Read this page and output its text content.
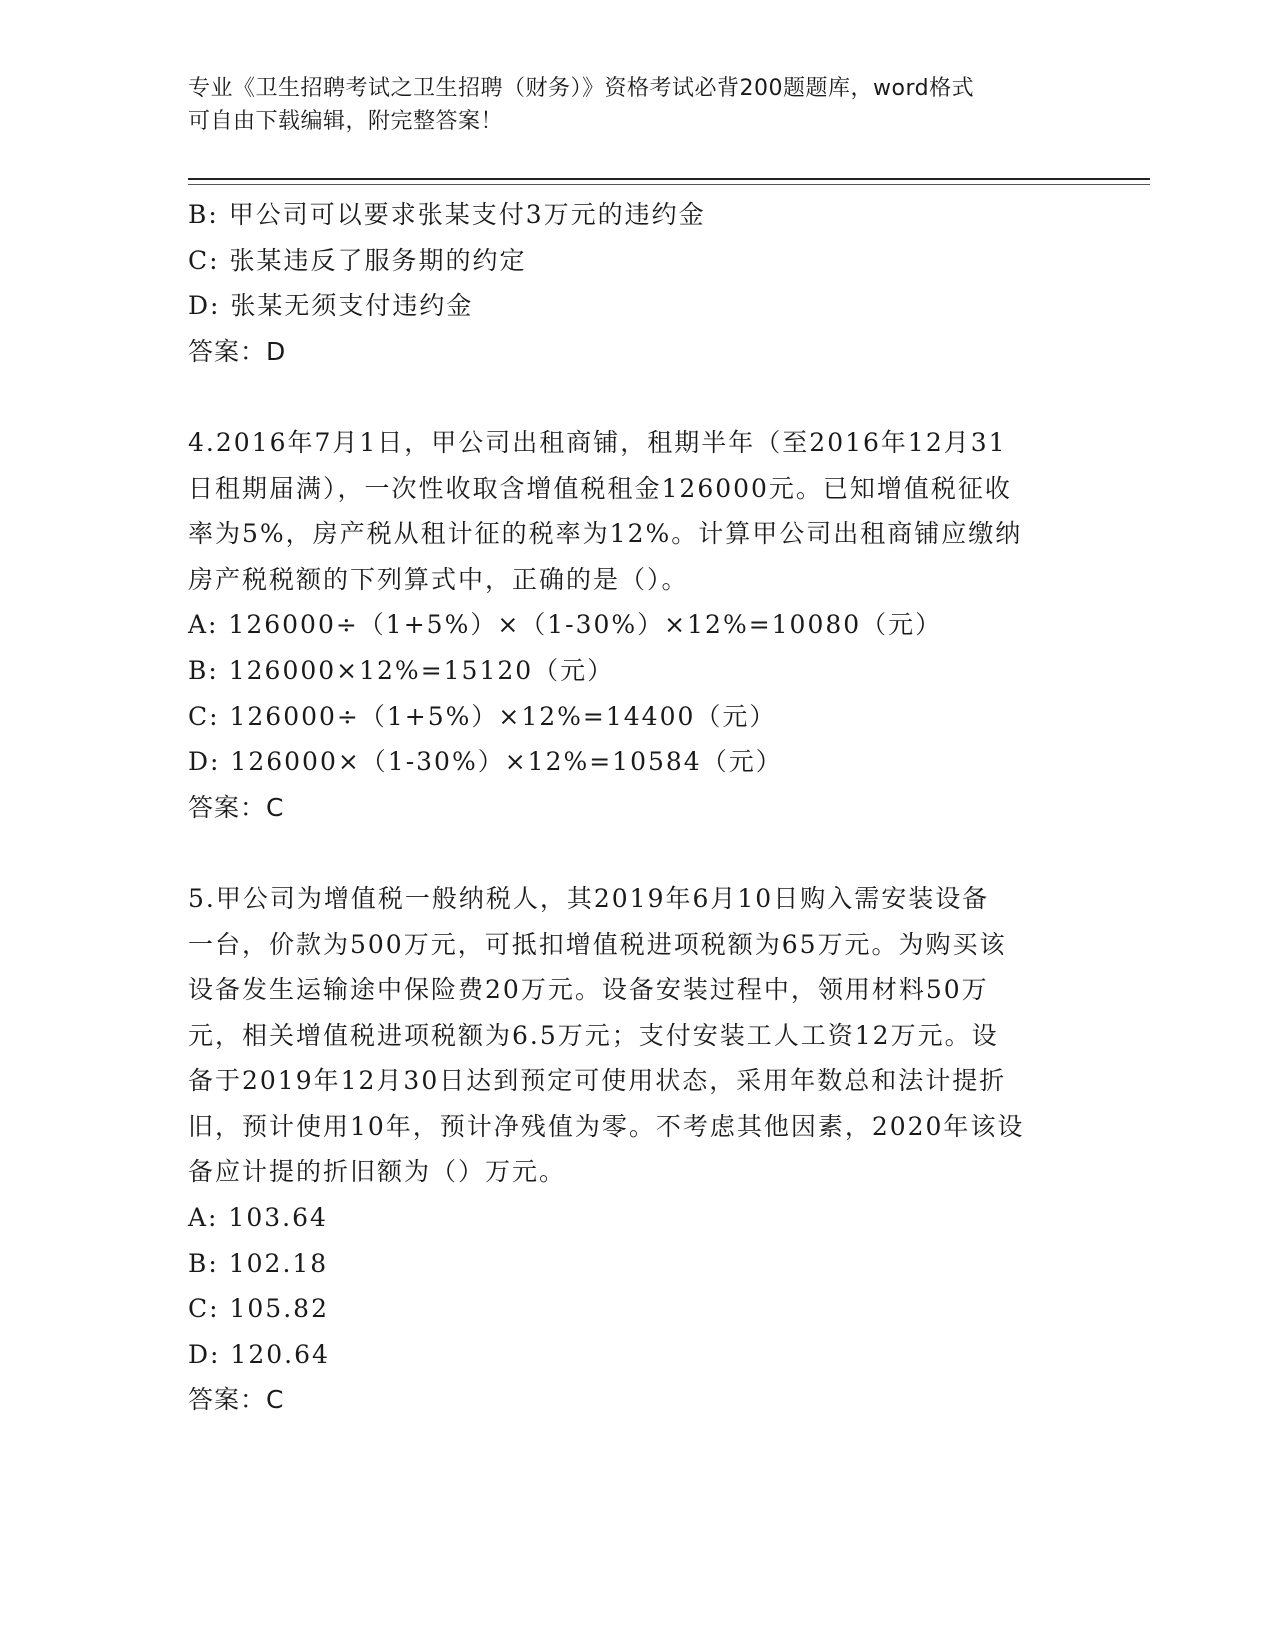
专业《卫生招聘考试之卫生招聘（财务）》资格考试必背200题题库，word格式
可自由下载编辑，附完整答案！
B: 甲公司可以要求张某支付3万元的违约金
C: 张某违反了服务期的约定
D: 张某无须支付违约金
答案：D
4.2016年7月1日，甲公司出租商铺，租期半年（至2016年12月31
日租期届满），一次性收取含增值税租金126000元。已知增值税征收
率为5%，房产税从租计征的税率为12%。计算甲公司出租商铺应缴纳
房产税税额的下列算式中，正确的是（）。
A: 126000÷（1+5%）×（1-30%）×12%=10080（元）
B: 126000×12%=15120（元）
C: 126000÷（1+5%）×12%=14400（元）
D: 126000×（1-30%）×12%=10584（元）
答案：C
5.甲公司为增值税一般纳税人，其2019年6月10日购入需安装设备
一台，价款为500万元，可抵扣增值税进项税额为65万元。为购买该
设备发生运输途中保险费20万元。设备安装过程中，领用材料50万
元，相关增值税进项税额为6.5万元；支付安装工人工资12万元。设
备于2019年12月30日达到预定可使用状态，采用年数总和法计提折
旧，预计使用10年，预计净残值为零。不考虑其他因素，2020年该设
备应计提的折旧额为（）万元。
A: 103.64
B: 102.18
C: 105.82
D: 120.64
答案：C
